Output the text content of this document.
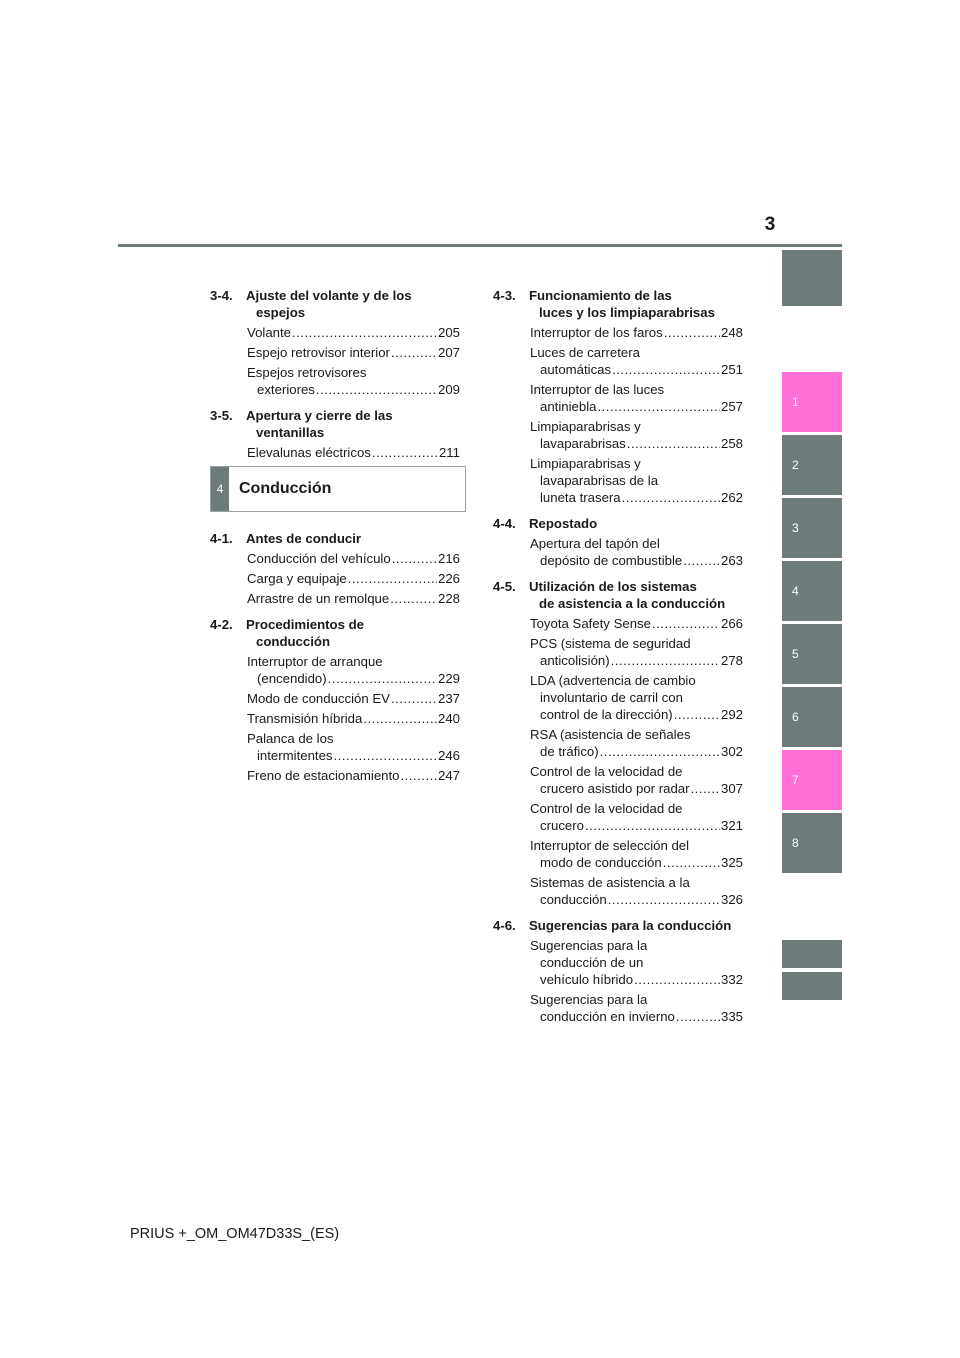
3
1
2
3
4
5
6
7
8
3-4.	Ajuste del volante y de los
espejos
Volante .....	205
Espejo retrovisor interior .....	207
Espejos retrovisores
exteriores .....	209
3-5.	Apertura y cierre de las
ventanillas
Elevalunas eléctricos .....	211
4 Conducción
4-1.	Antes de conducir
Conducción del vehículo .....	216
Carga y equipaje .....	226
Arrastre de un remolque .....	228
4-2.	Procedimientos de
conducción
Interruptor de arranque
(encendido) .....	229
Modo de conducción EV .....	237
Transmisión híbrida .....	240
Palanca de los
intermitentes .....	246
Freno de estacionamiento .....	247
4-3.	Funcionamiento de las
luces y los limpiaparabrisas
Interruptor de los faros .....	248
Luces de carretera
automáticas .....	251
Interruptor de las luces
antiniebla .....	257
Limpiaparabrisas y
lavaparabrisas .....	258
Limpiaparabrisas y
lavaparabrisas de la
luneta trasera .....	262
4-4.	Repostado
Apertura del tapón del
depósito de combustible .....	263
4-5.	Utilización de los sistemas
de asistencia a la conducción
Toyota Safety Sense .....	266
PCS (sistema de seguridad
anticolisión) .....	278
LDA (advertencia de cambio
involuntario de carril con
control de la dirección) .....	292
RSA (asistencia de señales
de tráfico) .....	302
Control de la velocidad de
crucero asistido por radar ..... 307
Control de la velocidad de
crucero .....	321
Interruptor de selección del
modo de conducción .....	325
Sistemas de asistencia a la
conducción .....	326
4-6.	Sugerencias para la conducción
Sugerencias para la
conducción de un
vehículo híbrido .....	332
Sugerencias para la
conducción en invierno .....	335
PRIUS +_OM_OM47D33S_(ES)
